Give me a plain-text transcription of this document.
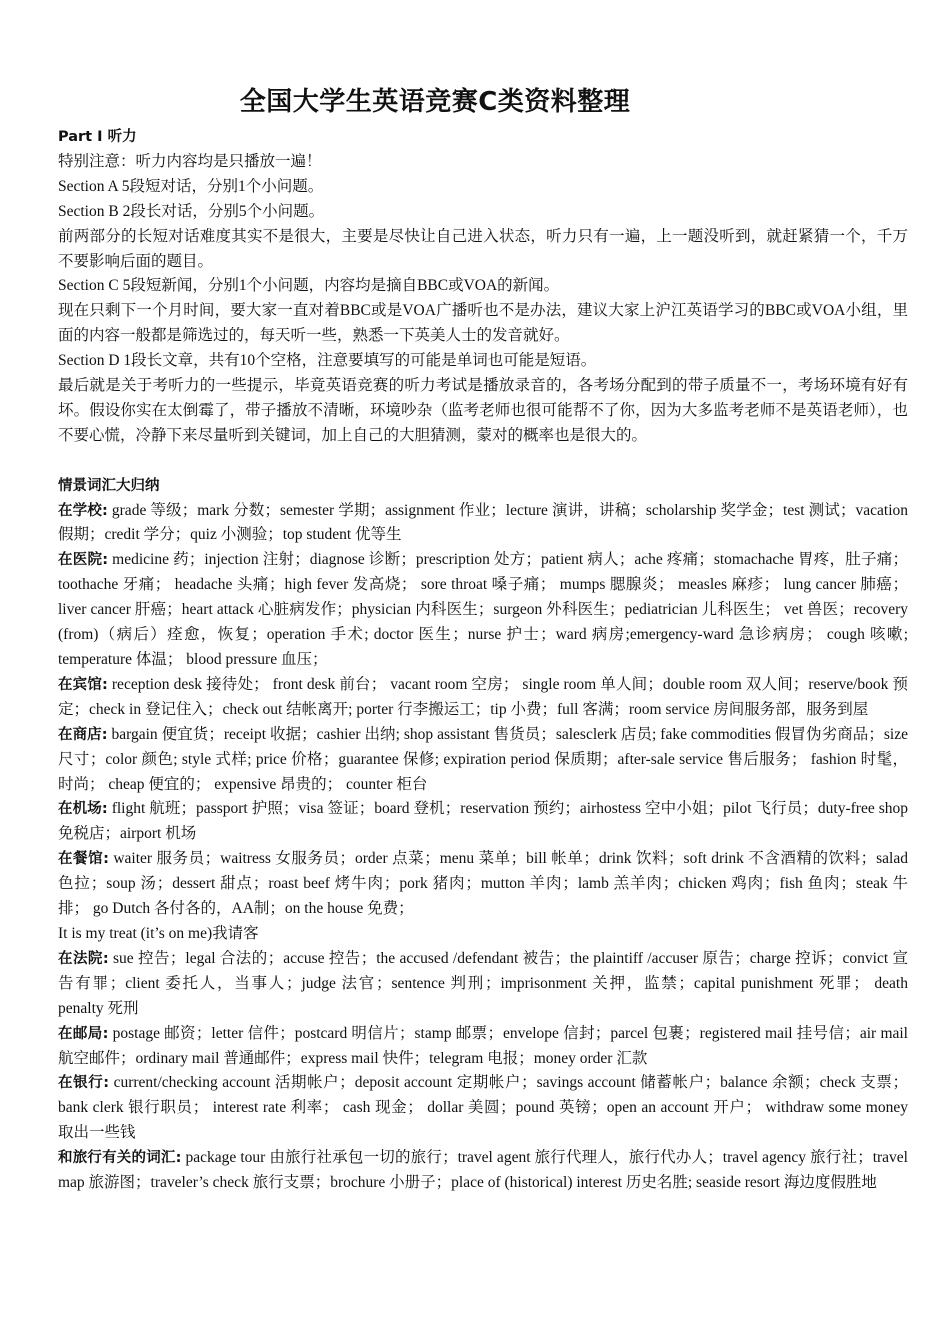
全国大学生英语竞赛C类资料整理

Part I 听力

特别注意：听力内容均是只播放一遍！

Section A 5段短对话，分别1个小问题。

Section B 2段长对话，分别5个小问题。

前两部分的长短对话难度其实不是很大，主要是尽快让自己进入状态，听力只有一遍，上一题没听到，就赶紧猜一个，千万不要影响后面的题目。

Section C 5段短新闻，分别1个小问题，内容均是摘自BBC或VOA的新闻。

现在只剩下一个月时间，要大家一直对着BBC或是VOA广播听也不是办法，建议大家上沪江英语学习的BBC或VOA小组，里面的内容一般都是筛选过的，每天听一些，熟悉一下英美人士的发音就好。

Section D 1段长文章，共有10个空格，注意要填写的可能是单词也可能是短语。

最后就是关于考听力的一些提示，毕竟英语竞赛的听力考试是播放录音的，各考场分配到的带子质量不一，考场环境有好有坏。假设你实在太倒霉了，带子播放不清晰，环境吵杂（监考老师也很可能帮不了你，因为大多监考老师不是英语老师），也不要心慌，冷静下来尽量听到关键词，加上自己的大胆猜测，蒙对的概率也是很大的。

情景词汇大归纳

在学校: grade 等级；mark 分数；semester 学期；assignment 作业；lecture 演讲，讲稿；scholarship 奖学金；test 测试；vacation 假期；credit 学分；quiz 小测验；top student 优等生

在医院: medicine 药；injection 注射；diagnose 诊断；prescription 处方；patient 病人；ache 疼痛；stomachache 胃疼，肚子痛； toothache 牙痛； headache 头痛；high fever 发高烧； sore throat 嗓子痛； mumps 腮腺炎； measles 麻疹； lung cancer 肺癌；liver cancer 肝癌；heart attack 心脏病发作；physician 内科医生；surgeon 外科医生；pediatrician 儿科医生； vet 兽医；recovery (from)（病后）痊愈，恢复；operation 手术; doctor 医生；nurse 护士；ward 病房;emergency-ward 急诊病房； cough 咳嗽; temperature 体温； blood pressure 血压；

在宾馆: reception desk 接待处； front desk 前台； vacant room 空房； single room 单人间；double room 双人间；reserve/book 预定；check in 登记住入；check out 结帐离开; porter 行李搬运工；tip 小费；full 客满；room service 房间服务部，服务到屋

在商店: bargain 便宜货；receipt 收据；cashier 出纳; shop assistant 售货员；salesclerk 店员; fake commodities 假冒伪劣商品；size 尺寸；color 颜色; style 式样; price 价格；guarantee 保修; expiration period 保质期；after-sale service 售后服务； fashion 时髦，时尚； cheap 便宜的； expensive 昂贵的； counter 柜台

在机场: flight 航班；passport 护照；visa 签证；board 登机；reservation 预约；airhostess 空中小姐；pilot 飞行员；duty-free shop 免税店；airport 机场

在餐馆: waiter 服务员；waitress 女服务员；order 点菜；menu 菜单；bill 帐单；drink 饮料；soft drink 不含酒精的饮料；salad 色拉；soup 汤；dessert 甜点；roast beef 烤牛肉；pork 猪肉；mutton 羊肉；lamb 羔羊肉；chicken 鸡肉；fish 鱼肉；steak 牛排； go Dutch 各付各的，AA制；on the house 免费；

It is my treat (it’s on me)我请客

在法院: sue 控告；legal 合法的；accuse 控告；the accused /defendant 被告；the plaintiff /accuser 原告；charge 控诉；convict 宣告有罪；client 委托人，当事人；judge 法官；sentence 判刑；imprisonment 关押，监禁；capital punishment 死罪； death penalty 死刑

在邮局: postage 邮资；letter 信件；postcard 明信片；stamp 邮票；envelope 信封；parcel 包裹；registered mail 挂号信；air mail 航空邮件；ordinary mail 普通邮件；express mail 快件；telegram 电报；money order 汇款

在银行: current/checking account 活期帐户；deposit account 定期帐户；savings account 储蓄帐户；balance 余额；check 支票； bank clerk 银行职员； interest rate 利率； cash 现金； dollar 美圆；pound 英镑；open an account 开户； withdraw some money 取出一些钱

和旅行有关的词汇: package tour 由旅行社承包一切的旅行；travel agent 旅行代理人，旅行代办人；travel agency 旅行社；travel map 旅游图；traveler’s check 旅行支票；brochure 小册子；place of (historical) interest 历史名胜; seaside resort 海边度假胜地
